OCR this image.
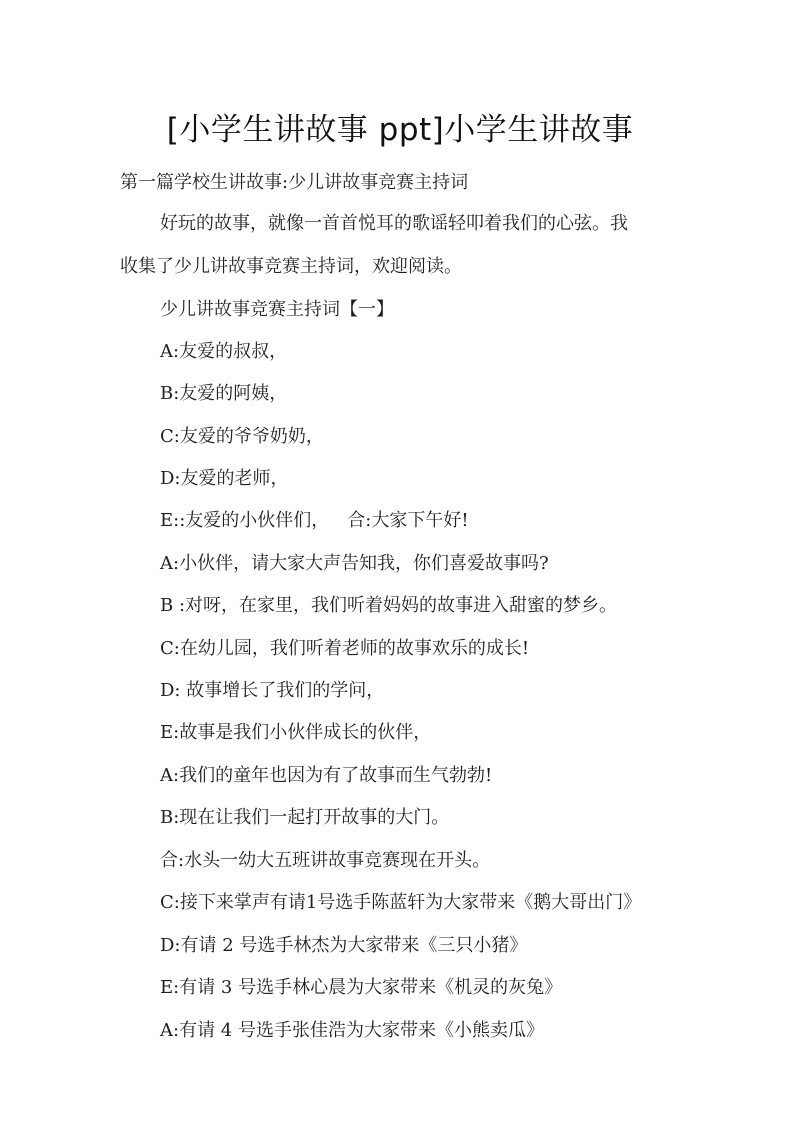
[小学生讲故事 ppt]小学生讲故事
第一篇学校生讲故事:少儿讲故事竞赛主持词
好玩的故事，就像一首首悦耳的歌谣轻叩着我们的心弦。我
收集了少儿讲故事竞赛主持词，欢迎阅读。
少儿讲故事竞赛主持词【一】
A:友爱的叔叔，
B:友爱的阿姨，
C:友爱的爷爷奶奶，
D:友爱的老师，
E::友爱的小伙伴们， 合:大家下午好!
A:小伙伴，请大家大声告知我，你们喜爱故事吗?
B :对呀，在家里，我们听着妈妈的故事进入甜蜜的梦乡。
C:在幼儿园，我们听着老师的故事欢乐的成长!
D: 故事增长了我们的学问，
E:故事是我们小伙伴成长的伙伴，
A:我们的童年也因为有了故事而生气勃勃!
B:现在让我们一起打开故事的大门。
合:水头一幼大五班讲故事竞赛现在开头。
C:接下来掌声有请1号选手陈蓝轩为大家带来《鹅大哥出门》
D:有请 2 号选手林杰为大家带来《三只小猪》
E:有请 3 号选手林心晨为大家带来《机灵的灰兔》
A:有请 4 号选手张佳浩为大家带来《小熊卖瓜》
